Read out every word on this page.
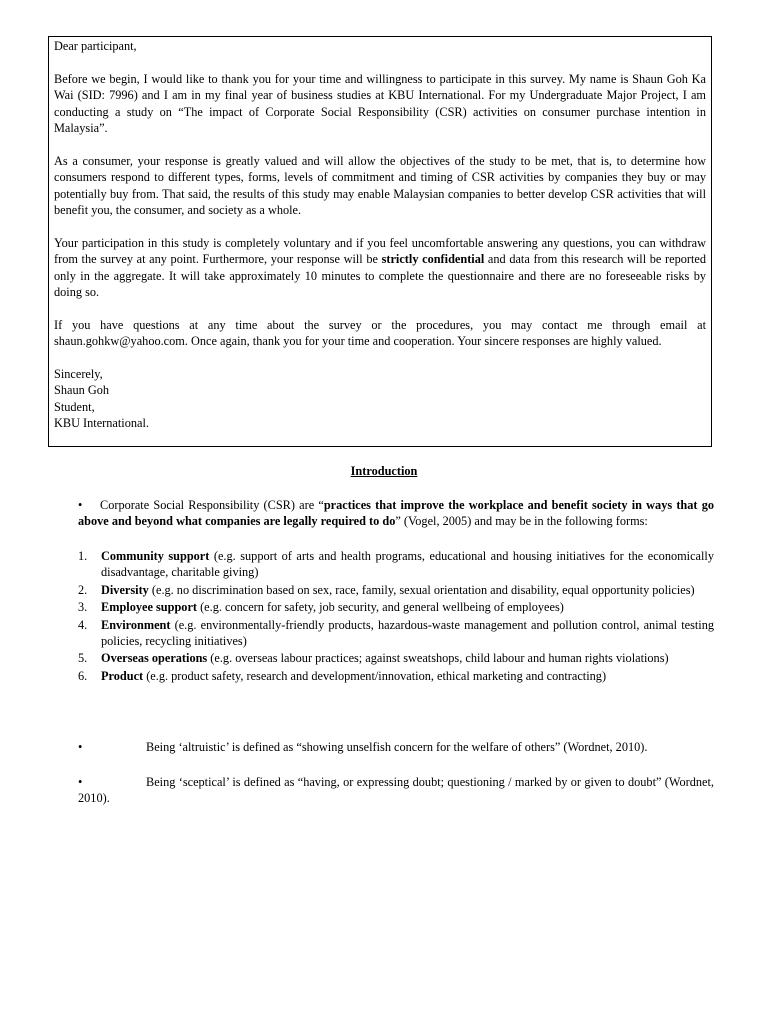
Dear participant,

Before we begin, I would like to thank you for your time and willingness to participate in this survey. My name is Shaun Goh Ka Wai (SID: 7996) and I am in my final year of business studies at KBU International. For my Undergraduate Major Project, I am conducting a study on “The impact of Corporate Social Responsibility (CSR) activities on consumer purchase intention in Malaysia”.

As a consumer, your response is greatly valued and will allow the objectives of the study to be met, that is, to determine how consumers respond to different types, forms, levels of commitment and timing of CSR activities by companies they buy or may potentially buy from. That said, the results of this study may enable Malaysian companies to better develop CSR activities that will benefit you, the consumer, and society as a whole.

Your participation in this study is completely voluntary and if you feel uncomfortable answering any questions, you can withdraw from the survey at any point. Furthermore, your response will be strictly confidential and data from this research will be reported only in the aggregate. It will take approximately 10 minutes to complete the questionnaire and there are no foreseeable risks by doing so.

If you have questions at any time about the survey or the procedures, you may contact me through email at shaun.gohkw@yahoo.com. Once again, thank you for your time and cooperation. Your sincere responses are highly valued.

Sincerely,
Shaun Goh
Student,
KBU International.

Introduction
• Corporate Social Responsibility (CSR) are “practices that improve the workplace and benefit society in ways that go above and beyond what companies are legally required to do” (Vogel, 2005) and may be in the following forms:
1. Community support (e.g. support of arts and health programs, educational and housing initiatives for the economically disadvantage, charitable giving)
2. Diversity (e.g. no discrimination based on sex, race, family, sexual orientation and disability, equal opportunity policies)
3. Employee support (e.g. concern for safety, job security, and general wellbeing of employees)
4. Environment (e.g. environmentally-friendly products, hazardous-waste management and pollution control, animal testing policies, recycling initiatives)
5. Overseas operations (e.g. overseas labour practices; against sweatshops, child labour and human rights violations)
6. Product (e.g. product safety, research and development/innovation, ethical marketing and contracting)
•	Being ‘altruistic’ is defined as “showing unselfish concern for the welfare of others” (Wordnet, 2010).
•	Being ‘sceptical’ is defined as “having, or expressing doubt; questioning / marked by or given to doubt” (Wordnet, 2010).
